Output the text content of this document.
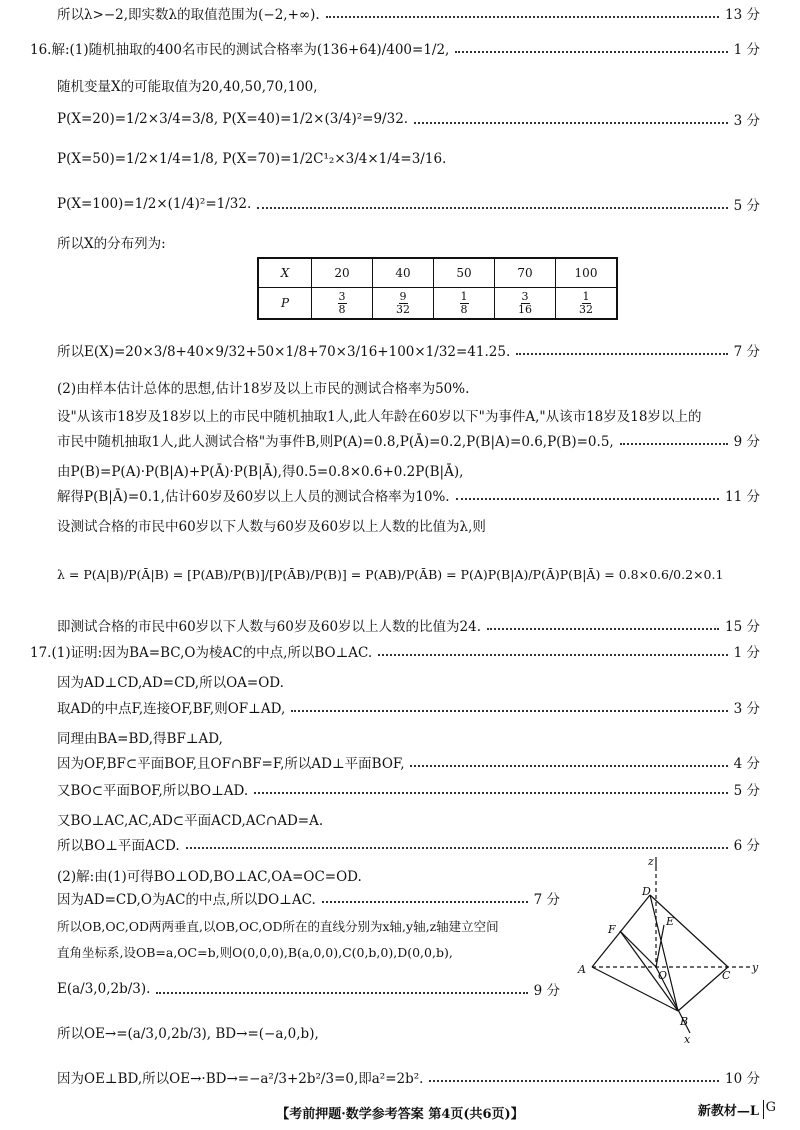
所以λ>−2,即实数λ的取值范围为(−2,+∞).	13 分
16.解:(1)随机抽取的400名市民的测试合格率为(136+64)/400=1/2,	1 分
随机变量X的可能取值为20,40,50,70,100,
P(X=20)=1/2×3/4=3/8, P(X=40)=1/2×(3/4)²=9/32.	3 分
P(X=50)=1/2×1/4=1/8, P(X=70)=1/2C¹₂×3/4×1/4=3/16.
P(X=100)=1/2×(1/4)²=1/32.	5 分
所以X的分布列为:
X	20	40	50	70	100
P	$\frac{3}{8}$	$\frac{9}{32}$	$\frac{1}{8}$	$\frac{3}{16}$	$\frac{1}{32}$
所以E(X)=20×3/8+40×9/32+50×1/8+70×3/16+100×1/32=41.25.	7 分
(2)由样本估计总体的思想,估计18岁及以上市民的测试合格率为50%.
设"从该市18岁及18岁以上的市民中随机抽取1人,此人年龄在60岁以下"为事件A,"从该市18岁及18岁以上的
市民中随机抽取1人,此人测试合格"为事件B,则P(A)=0.8,P(Ā)=0.2,P(B|A)=0.6,P(B)=0.5,	9 分
由P(B)=P(A)·P(B|A)+P(Ā)·P(B|Ā),得0.5=0.8×0.6+0.2P(B|Ā),
解得P(B|Ā)=0.1,估计60岁及60岁以上人员的测试合格率为10%.	11 分
设测试合格的市民中60岁以下人数与60岁及60岁以上人数的比值为λ,则
λ = P(A|B)/P(Ā|B) = [P(AB)/P(B)]/[P(ĀB)/P(B)] = P(AB)/P(ĀB) = P(A)P(B|A)/P(Ā)P(B|Ā) = 0.8×0.6/0.2×0.1
即测试合格的市民中60岁以下人数与60岁及60岁以上人数的比值为24.	15 分
17.(1)证明:因为BA=BC,O为棱AC的中点,所以BO⊥AC.	1 分
因为AD⊥CD,AD=CD,所以OA=OD.
取AD的中点F,连接OF,BF,则OF⊥AD,	3 分
同理由BA=BD,得BF⊥AD,
因为OF,BF⊂平面BOF,且OF∩BF=F,所以AD⊥平面BOF,	4 分
又BO⊂平面BOF,所以BO⊥AD.	5 分
又BO⊥AC,AC,AD⊂平面ACD,AC∩AD=A.
所以BO⊥平面ACD.	6 分
(2)解:由(1)可得BO⊥OD,BO⊥AC,OA=OC=OD.
因为AD=CD,O为AC的中点,所以DO⊥AC.	7 分
所以OB,OC,OD两两垂直,以OB,OC,OD所在的直线分别为x轴,y轴,z轴建立空间
直角坐标系,设OB=a,OC=b,则O(0,0,0),B(a,0,0),C(0,b,0),D(0,0,b),
E(a/3,0,2b/3).	9 分
所以OE→=(a/3,0,2b/3), BD→=(−a,0,b),
因为OE⊥BD,所以OE→·BD→=−a²/3+2b²/3=0,即a²=2b².	10 分
z
D
F
E
A	O	C
y
B
x
【考前押题·数学参考答案 第4页(共6页)】	新教材—L G
